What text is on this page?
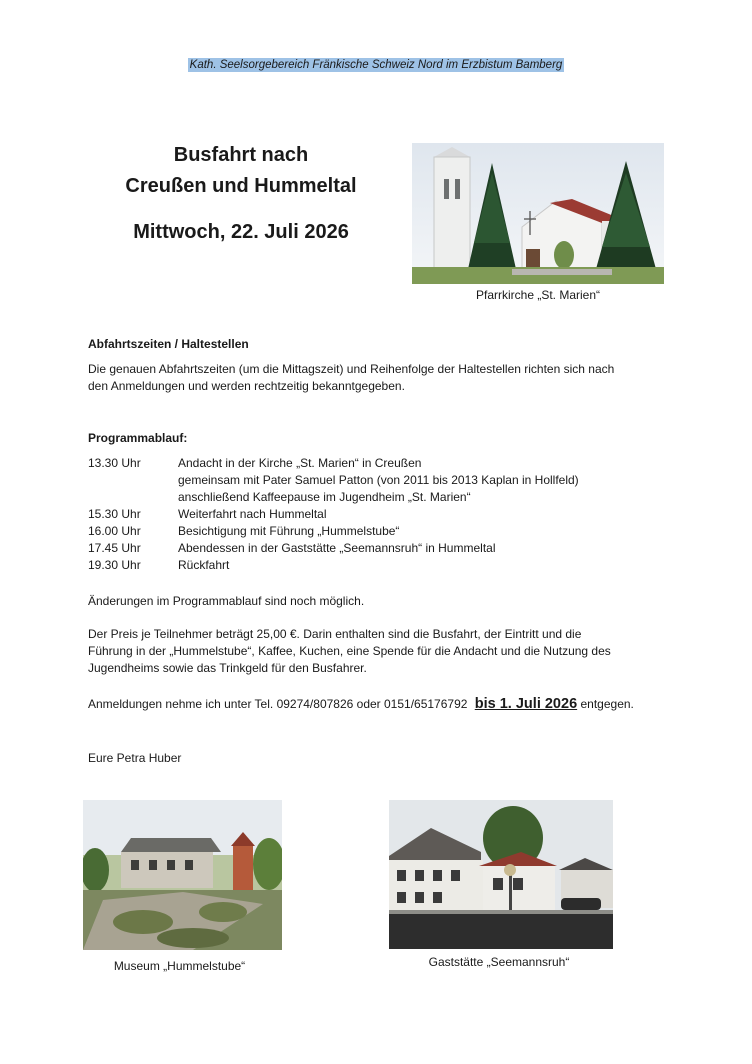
Kath. Seelsorgebereich Fränkische Schweiz Nord im Erzbistum Bamberg
Busfahrt nach
Creußen und Hummeltal
Mittwoch, 22. Juli 2026
Pfarrkirche „St. Marien“
Abfahrtszeiten / Haltestellen
Die genauen Abfahrtszeiten (um die Mittagszeit) und Reihenfolge der Haltestellen richten sich nach
den Anmeldungen und werden rechtzeitig bekanntgegeben.
Programmablauf:
13.30 Uhr	Andacht in der Kirche „St. Marien“ in Creußen
gemeinsam mit Pater Samuel Patton (von 2011 bis 2013 Kaplan in Hollfeld)
anschließend Kaffeepause im Jugendheim „St. Marien“
15.30 Uhr	Weiterfahrt nach Hummeltal
16.00 Uhr	Besichtigung mit Führung „Hummelstube“
17.45 Uhr	Abendessen in der Gaststätte „Seemannsruh“ in Hummeltal
19.30 Uhr	Rückfahrt
Änderungen im Programmablauf sind noch möglich.
Der Preis je Teilnehmer beträgt 25,00 €. Darin enthalten sind die Busfahrt, der Eintritt und die
Führung in der „Hummelstube“, Kaffee, Kuchen, eine Spende für die Andacht und die Nutzung des
Jugendheims sowie das Trinkgeld für den Busfahrer.
Anmeldungen nehme ich unter Tel. 09274/807826 oder 0151/65176792 bis 1. Juli 2026 entgegen.
Eure Petra Huber
Museum „Hummelstube“	Gaststätte „Seemannsruh“
